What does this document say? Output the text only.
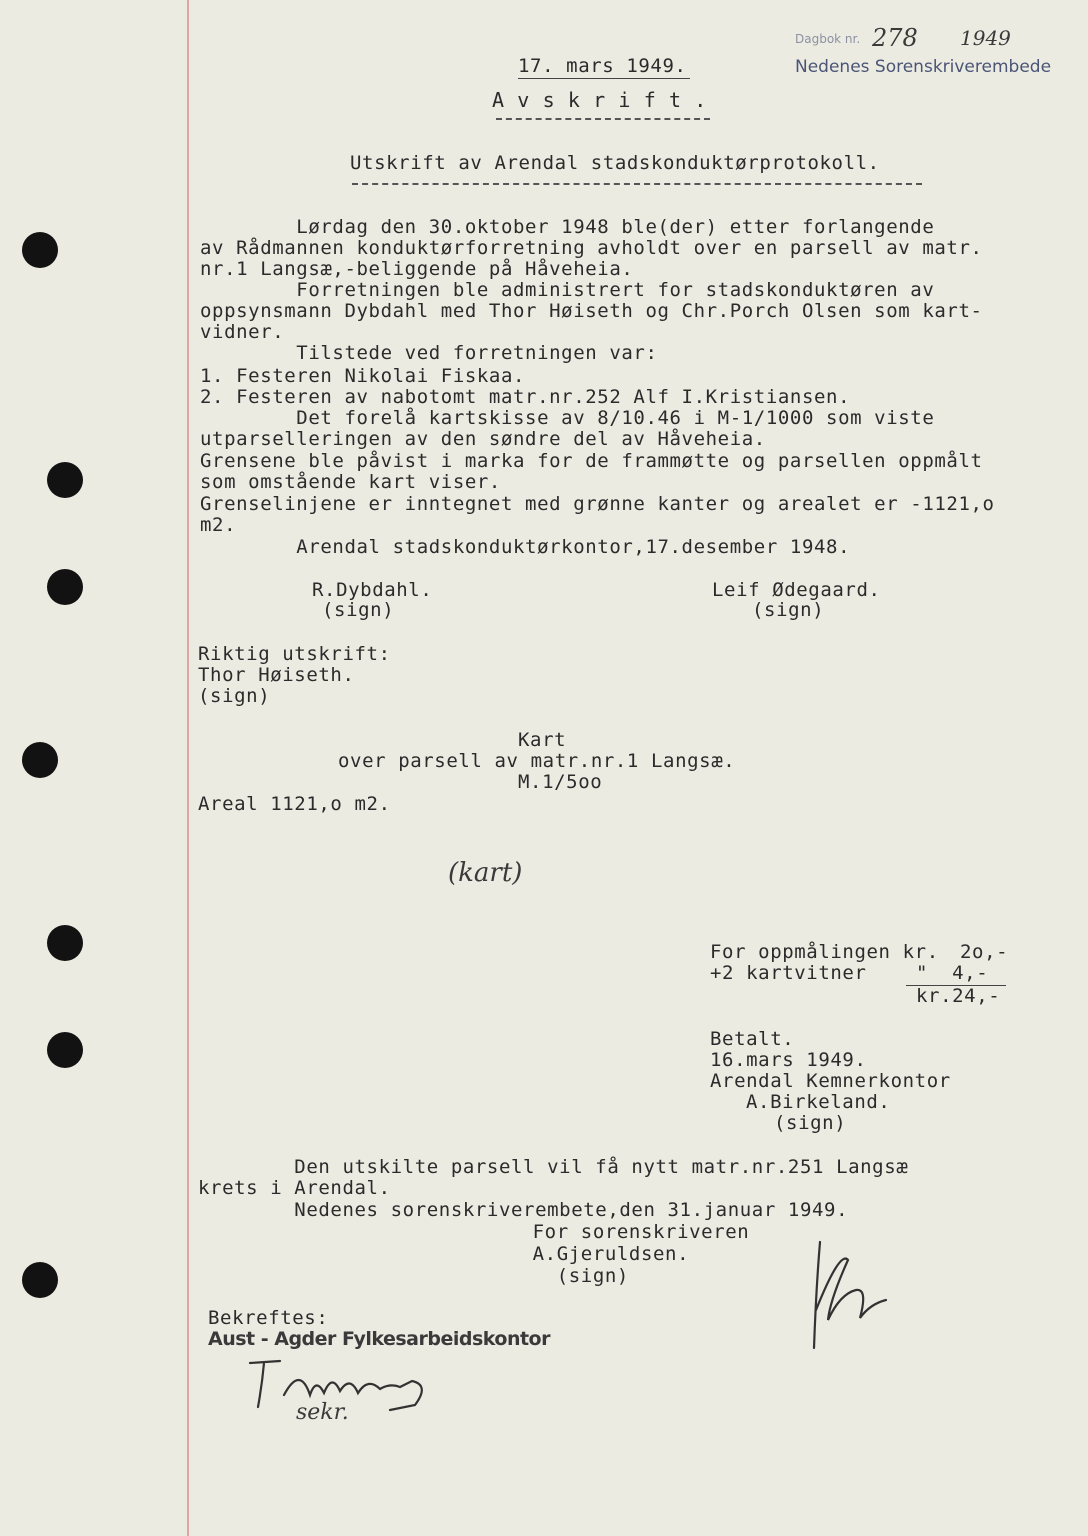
Dagbok nr. 278 1949
Nedenes Sorenskriverembede
17. mars 1949.
A v s k r i f t .
Utskrift av Arendal stadskonduktørprotokoll.
Lørdag den 30.oktober 1948 ble(der) etter forlangende
av Rådmannen konduktørforretning avholdt over en parsell av matr.
nr.1 Langsæ,-beliggende på Håveheia.
Forretningen ble administrert for stadskonduktøren av
oppsynsmann Dybdahl med Thor Høiseth og Chr.Porch Olsen som kart-
vidner.
Tilstede ved forretningen var:
1. Festeren Nikolai Fiskaa.
2. Festeren av nabotomt matr.nr.252 Alf I.Kristiansen.
Det forelå kartskisse av 8/10.46 i M-1/1000 som viste
utparselleringen av den søndre del av Håveheia.
Grensene ble påvist i marka for de frammøtte og parsellen oppmålt
som omstående kart viser.
Grenselinjene er inntegnet med grønne kanter og arealet er -1121,o
m2.
Arendal stadskonduktørkontor,17.desember 1948.
R.Dybdahl.
(sign)
Leif Ødegaard.
(sign)
Riktig utskrift:
Thor Høiseth.
(sign)
Kart
over parsell av matr.nr.1 Langsæ.
M.1/5oo
Areal 1121,o m2.
(kart)
For oppmålingen kr. 2o,-
+2 kartvitner	"  4,-
kr.24,-
Betalt.
16.mars 1949.
Arendal Kemnerkontor
A.Birkeland.
(sign)
Den utskilte parsell vil få nytt matr.nr.251 Langsæ
krets i Arendal.
Nedenes sorenskriverembete,den 31.januar 1949.
For sorenskriveren
A.Gjeruldsen.
(sign)
Bekreftes:
Aust - Agder Fylkesarbeidskontor
sekr.
